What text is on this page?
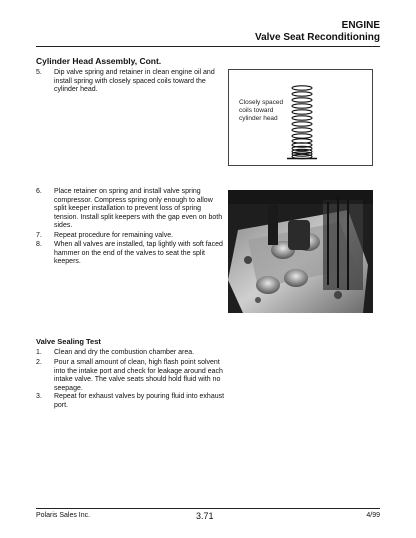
ENGINE
Valve Seat Reconditioning
Cylinder Head Assembly, Cont.
5. Dip valve spring and retainer in clean engine oil and
install spring with closely spaced coils toward the
cylinder head.
Closely spaced
coils toward
cylinder head
6. Place retainer on spring and install valve spring
compressor. Compress spring only enough to allow
split keeper installation to prevent loss of spring
tension. Install split keepers with the gap even on both
sides.
7. Repeat procedure for remaining valve.
8. When all valves are installed, tap lightly with soft faced
hammer on the end of the valves to seat the split
keepers.
Valve Sealing Test
1. Clean and dry the combustion chamber area.
2. Pour a small amount of clean, high flash point solvent
into the intake port and check for leakage around each
intake valve. The valve seats should hold fluid with no
seepage.
3. Repeat for exhaust valves by pouring fluid into exhaust
port.
Polaris Sales Inc.	3.71	4/99
